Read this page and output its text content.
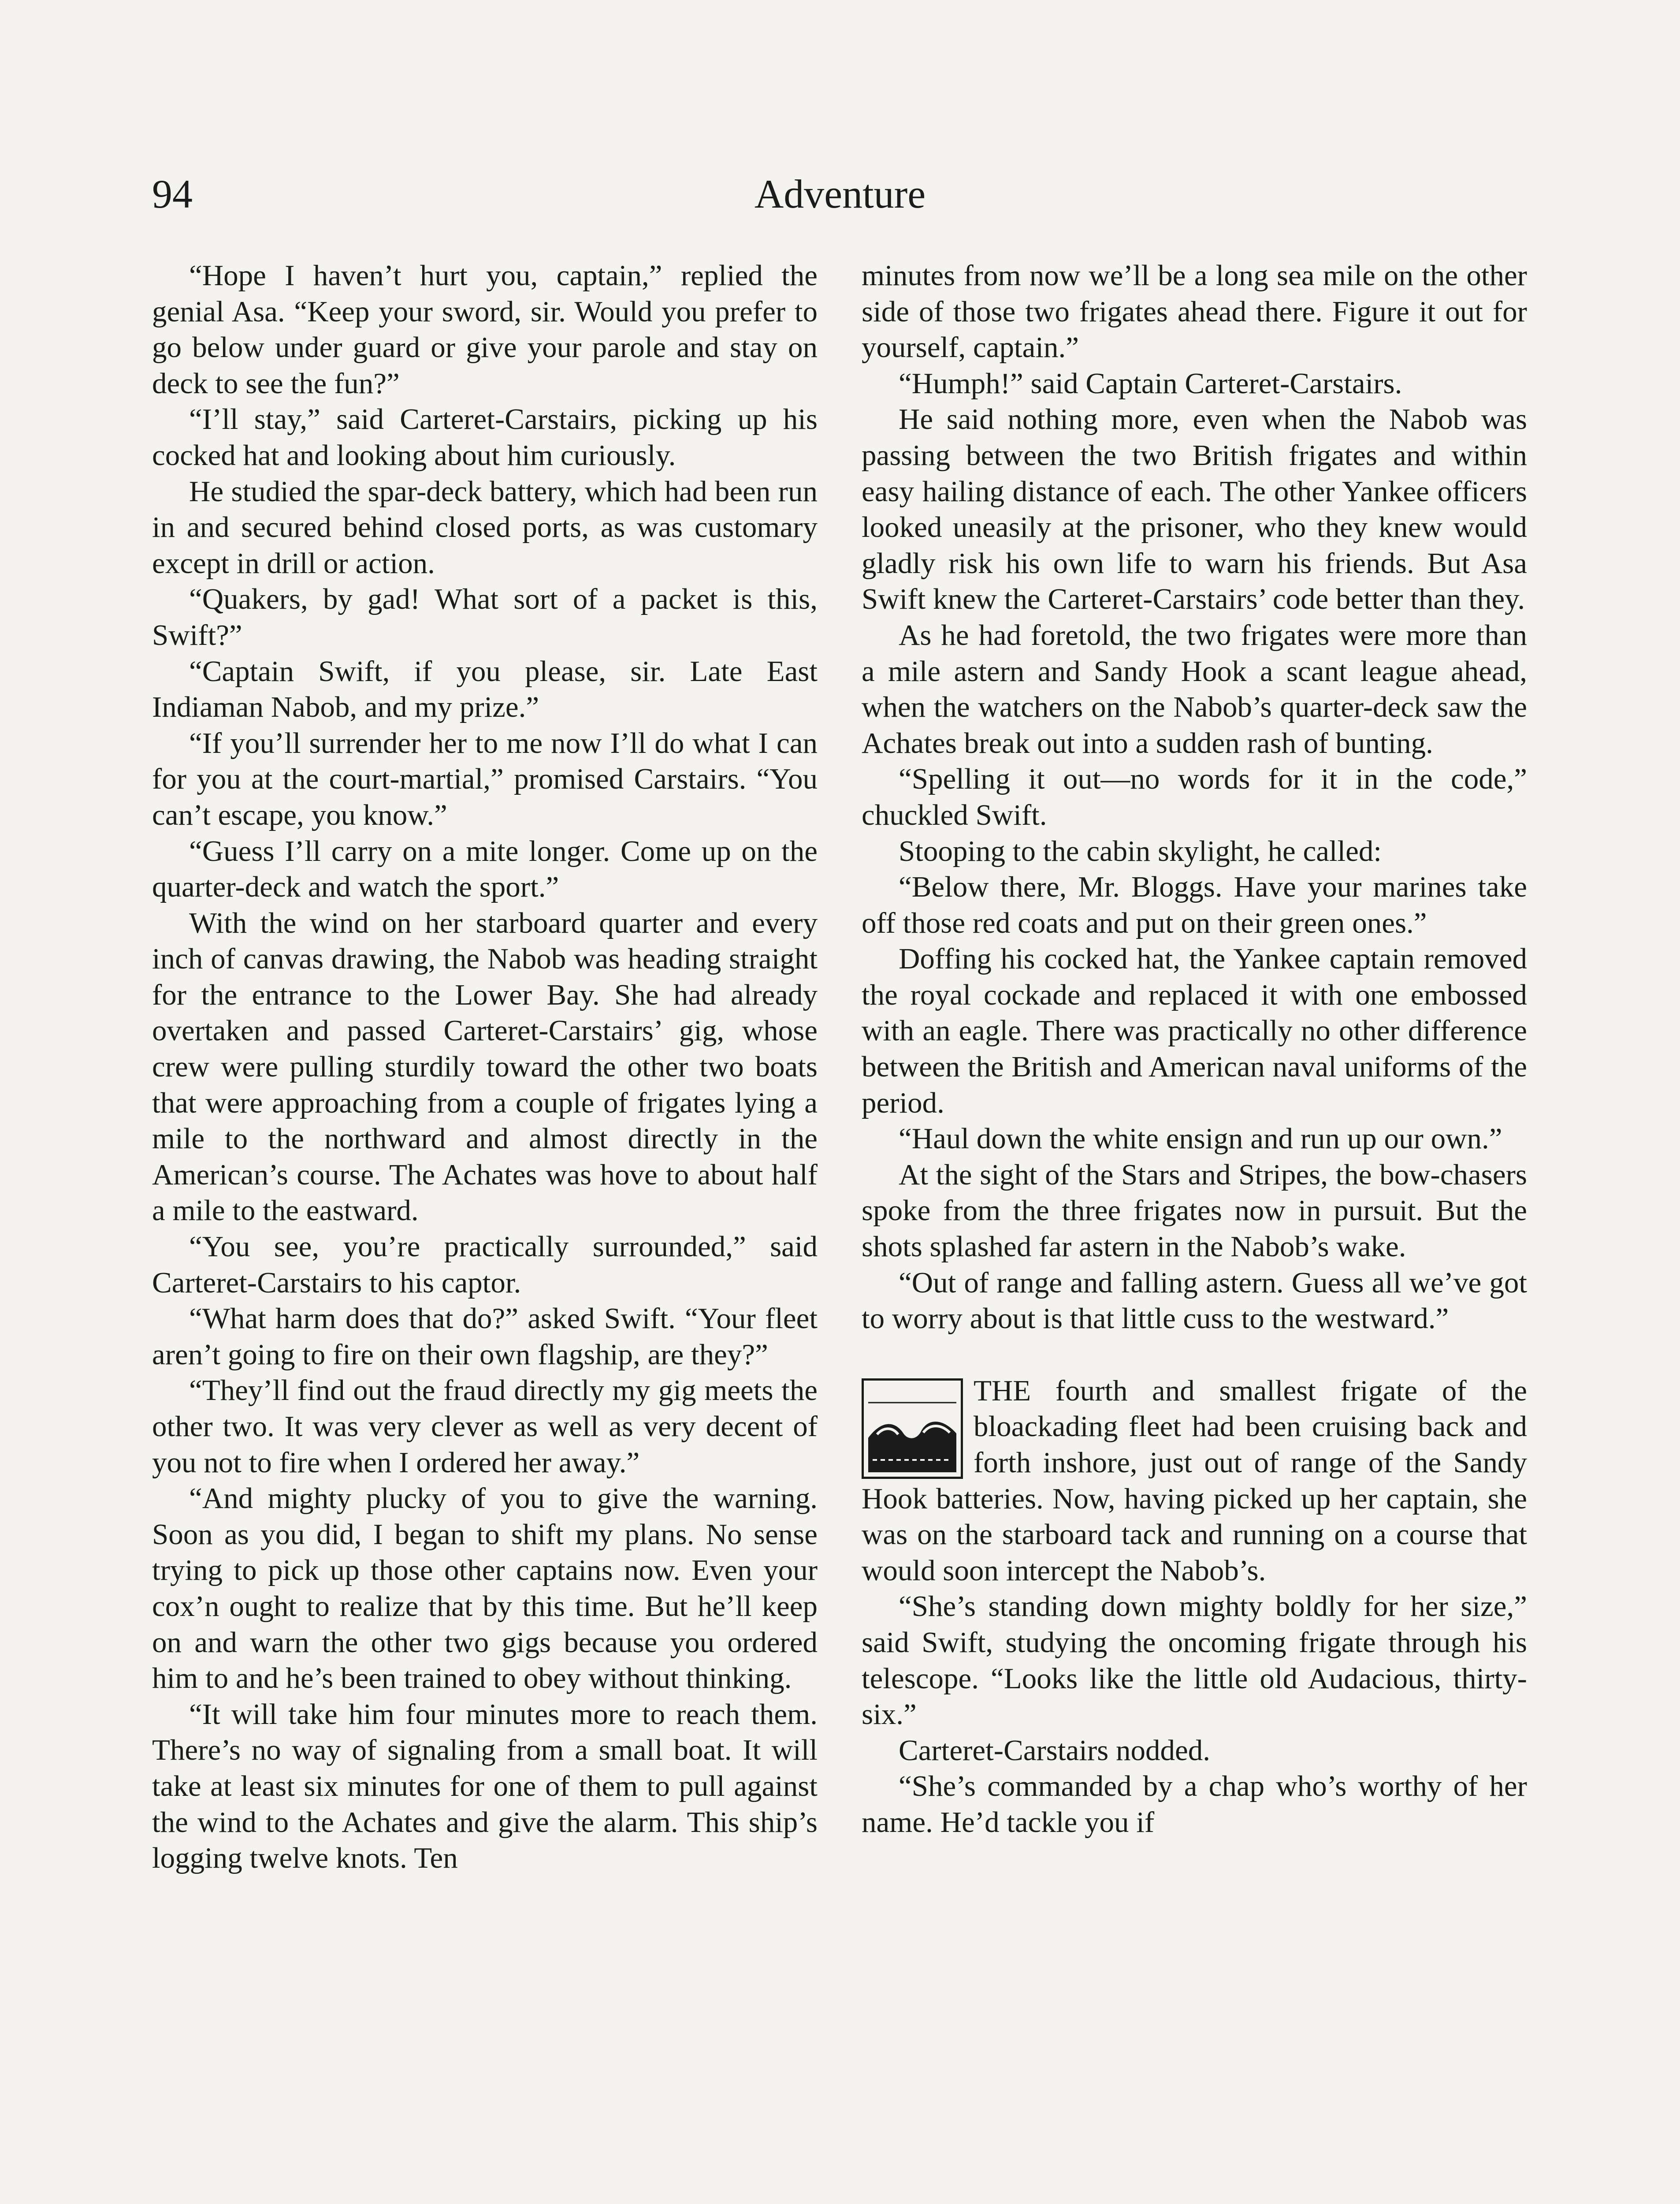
94	Adventure

“Hope I haven’t hurt you, captain,” replied the genial Asa. “Keep your sword, sir. Would you prefer to go below under guard or give your parole and stay on deck to see the fun?”

“I’ll stay,” said Carteret-Carstairs, picking up his cocked hat and looking about him curiously.

He studied the spar-deck battery, which had been run in and secured behind closed ports, as was customary except in drill or action.

“Quakers, by gad! What sort of a packet is this, Swift?”

“Captain Swift, if you please, sir. Late East Indiaman Nabob, and my prize.”

“If you’ll surrender her to me now I’ll do what I can for you at the court-martial,” promised Carstairs. “You can’t escape, you know.”

“Guess I’ll carry on a mite longer. Come up on the quarter-deck and watch the sport.”

With the wind on her starboard quarter and every inch of canvas drawing, the Nabob was heading straight for the entrance to the Lower Bay. She had already overtaken and passed Carteret-Carstairs’ gig, whose crew were pulling sturdily toward the other two boats that were approaching from a couple of frigates lying a mile to the northward and almost directly in the American’s course. The Achates was hove to about half a mile to the eastward.

“You see, you’re practically surrounded,” said Carteret-Carstairs to his captor.

“What harm does that do?” asked Swift. “Your fleet aren’t going to fire on their own flagship, are they?”

“They’ll find out the fraud directly my gig meets the other two. It was very clever as well as very decent of you not to fire when I ordered her away.”

“And mighty plucky of you to give the warning. Soon as you did, I began to shift my plans. No sense trying to pick up those other captains now. Even your cox’n ought to realize that by this time. But he’ll keep on and warn the other two gigs because you ordered him to and he’s been trained to obey without thinking.

“It will take him four minutes more to reach them. There’s no way of signaling from a small boat. It will take at least six minutes for one of them to pull against the wind to the Achates and give the alarm. This ship’s logging twelve knots. Ten

minutes from now we’ll be a long sea mile on the other side of those two frigates ahead there. Figure it out for yourself, captain.”

“Humph!” said Captain Carteret-Carstairs.

He said nothing more, even when the Nabob was passing between the two British frigates and within easy hailing distance of each. The other Yankee officers looked uneasily at the prisoner, who they knew would gladly risk his own life to warn his friends. But Asa Swift knew the Carteret-Carstairs’ code better than they.

As he had foretold, the two frigates were more than a mile astern and Sandy Hook a scant league ahead, when the watchers on the Nabob’s quarter-deck saw the Achates break out into a sudden rash of bunting.

“Spelling it out—no words for it in the code,” chuckled Swift.

Stooping to the cabin skylight, he called:

“Below there, Mr. Bloggs. Have your marines take off those red coats and put on their green ones.”

Doffing his cocked hat, the Yankee captain removed the royal cockade and replaced it with one embossed with an eagle. There was practically no other difference between the British and American naval uniforms of the period.

“Haul down the white ensign and run up our own.”

At the sight of the Stars and Stripes, the bow-chasers spoke from the three frigates now in pursuit. But the shots splashed far astern in the Nabob’s wake.

“Out of range and falling astern. Guess all we’ve got to worry about is that little cuss to the westward.”

THE fourth and smallest frigate of the bloackading fleet had been cruising back and forth inshore, just out of range of the Sandy Hook batteries. Now, having picked up her captain, she was on the starboard tack and running on a course that would soon intercept the Nabob’s.

“She’s standing down mighty boldly for her size,” said Swift, studying the oncoming frigate through his telescope. “Looks like the little old Audacious, thirty-six.”

Carteret-Carstairs nodded.

“She’s commanded by a chap who’s worthy of her name. He’d tackle you if
